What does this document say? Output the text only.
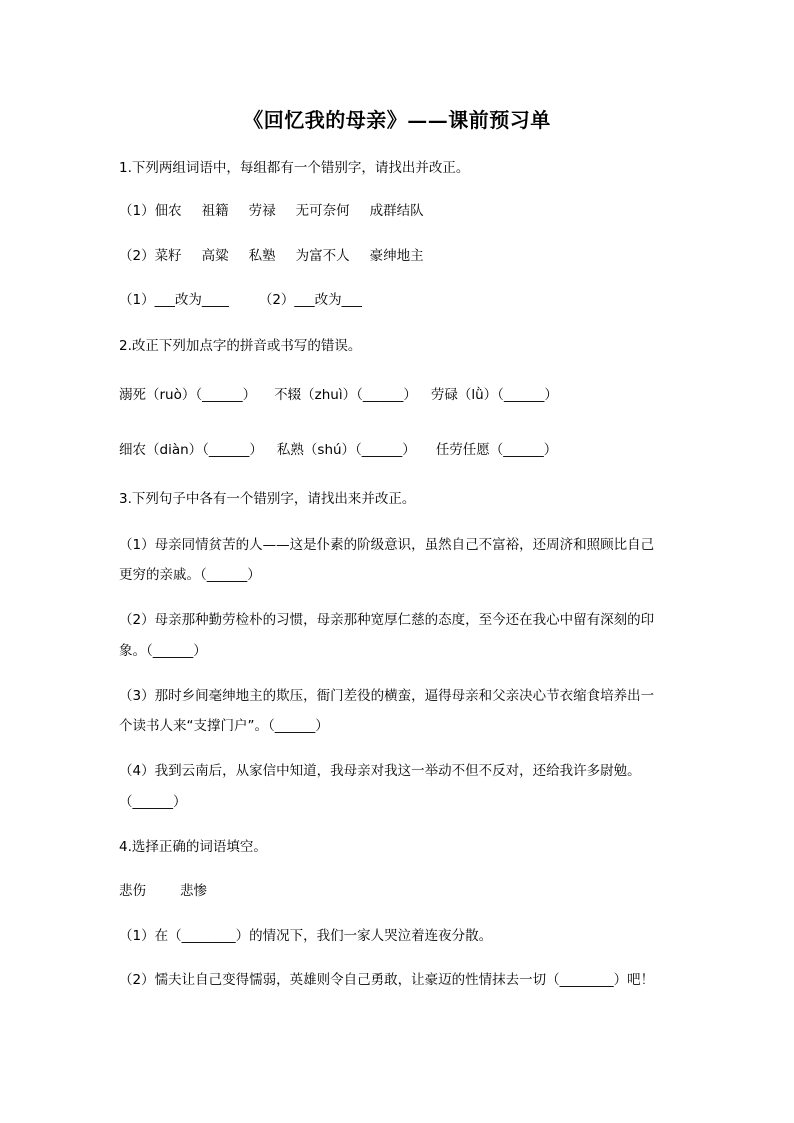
《回忆我的母亲》——课前预习单
1.下列两组词语中，每组都有一个错别字，请找出并改正。
（1）佃农 祖籍 劳禄 无可奈何 成群结队
（2）菜籽 高粱 私塾 为富不人 豪绅地主
（1）___改为____ （2）___改为___
2.改正下列加点字的拼音或书写的错误。
溺死（ruò）（______） 不辍（zhuì）（______） 劳碌（lǜ）（______）
细农（diàn）（______） 私熟（shú）（______） 任劳任愿（______）
3.下列句子中各有一个错别字，请找出来并改正。
（1）母亲同情贫苦的人——这是仆素的阶级意识，虽然自己不富裕，还周济和照顾比自己
更穷的亲戚。（______）
（2）母亲那种勤劳检朴的习惯，母亲那种宽厚仁慈的态度，至今还在我心中留有深刻的印
象。（______）
（3）那时乡间毫绅地主的欺压，衙门差役的横蛮，逼得母亲和父亲决心节衣缩食培养出一
个读书人来“支撑门户”。（______）
（4）我到云南后，从家信中知道，我母亲对我这一举动不但不反对，还给我许多尉勉。
（______）
4.选择正确的词语填空。
悲伤	悲惨
（1）在（________）的情况下，我们一家人哭泣着连夜分散。
（2）懦夫让自己变得懦弱，英雄则令自己勇敢，让豪迈的性情抹去一切（________）吧！
